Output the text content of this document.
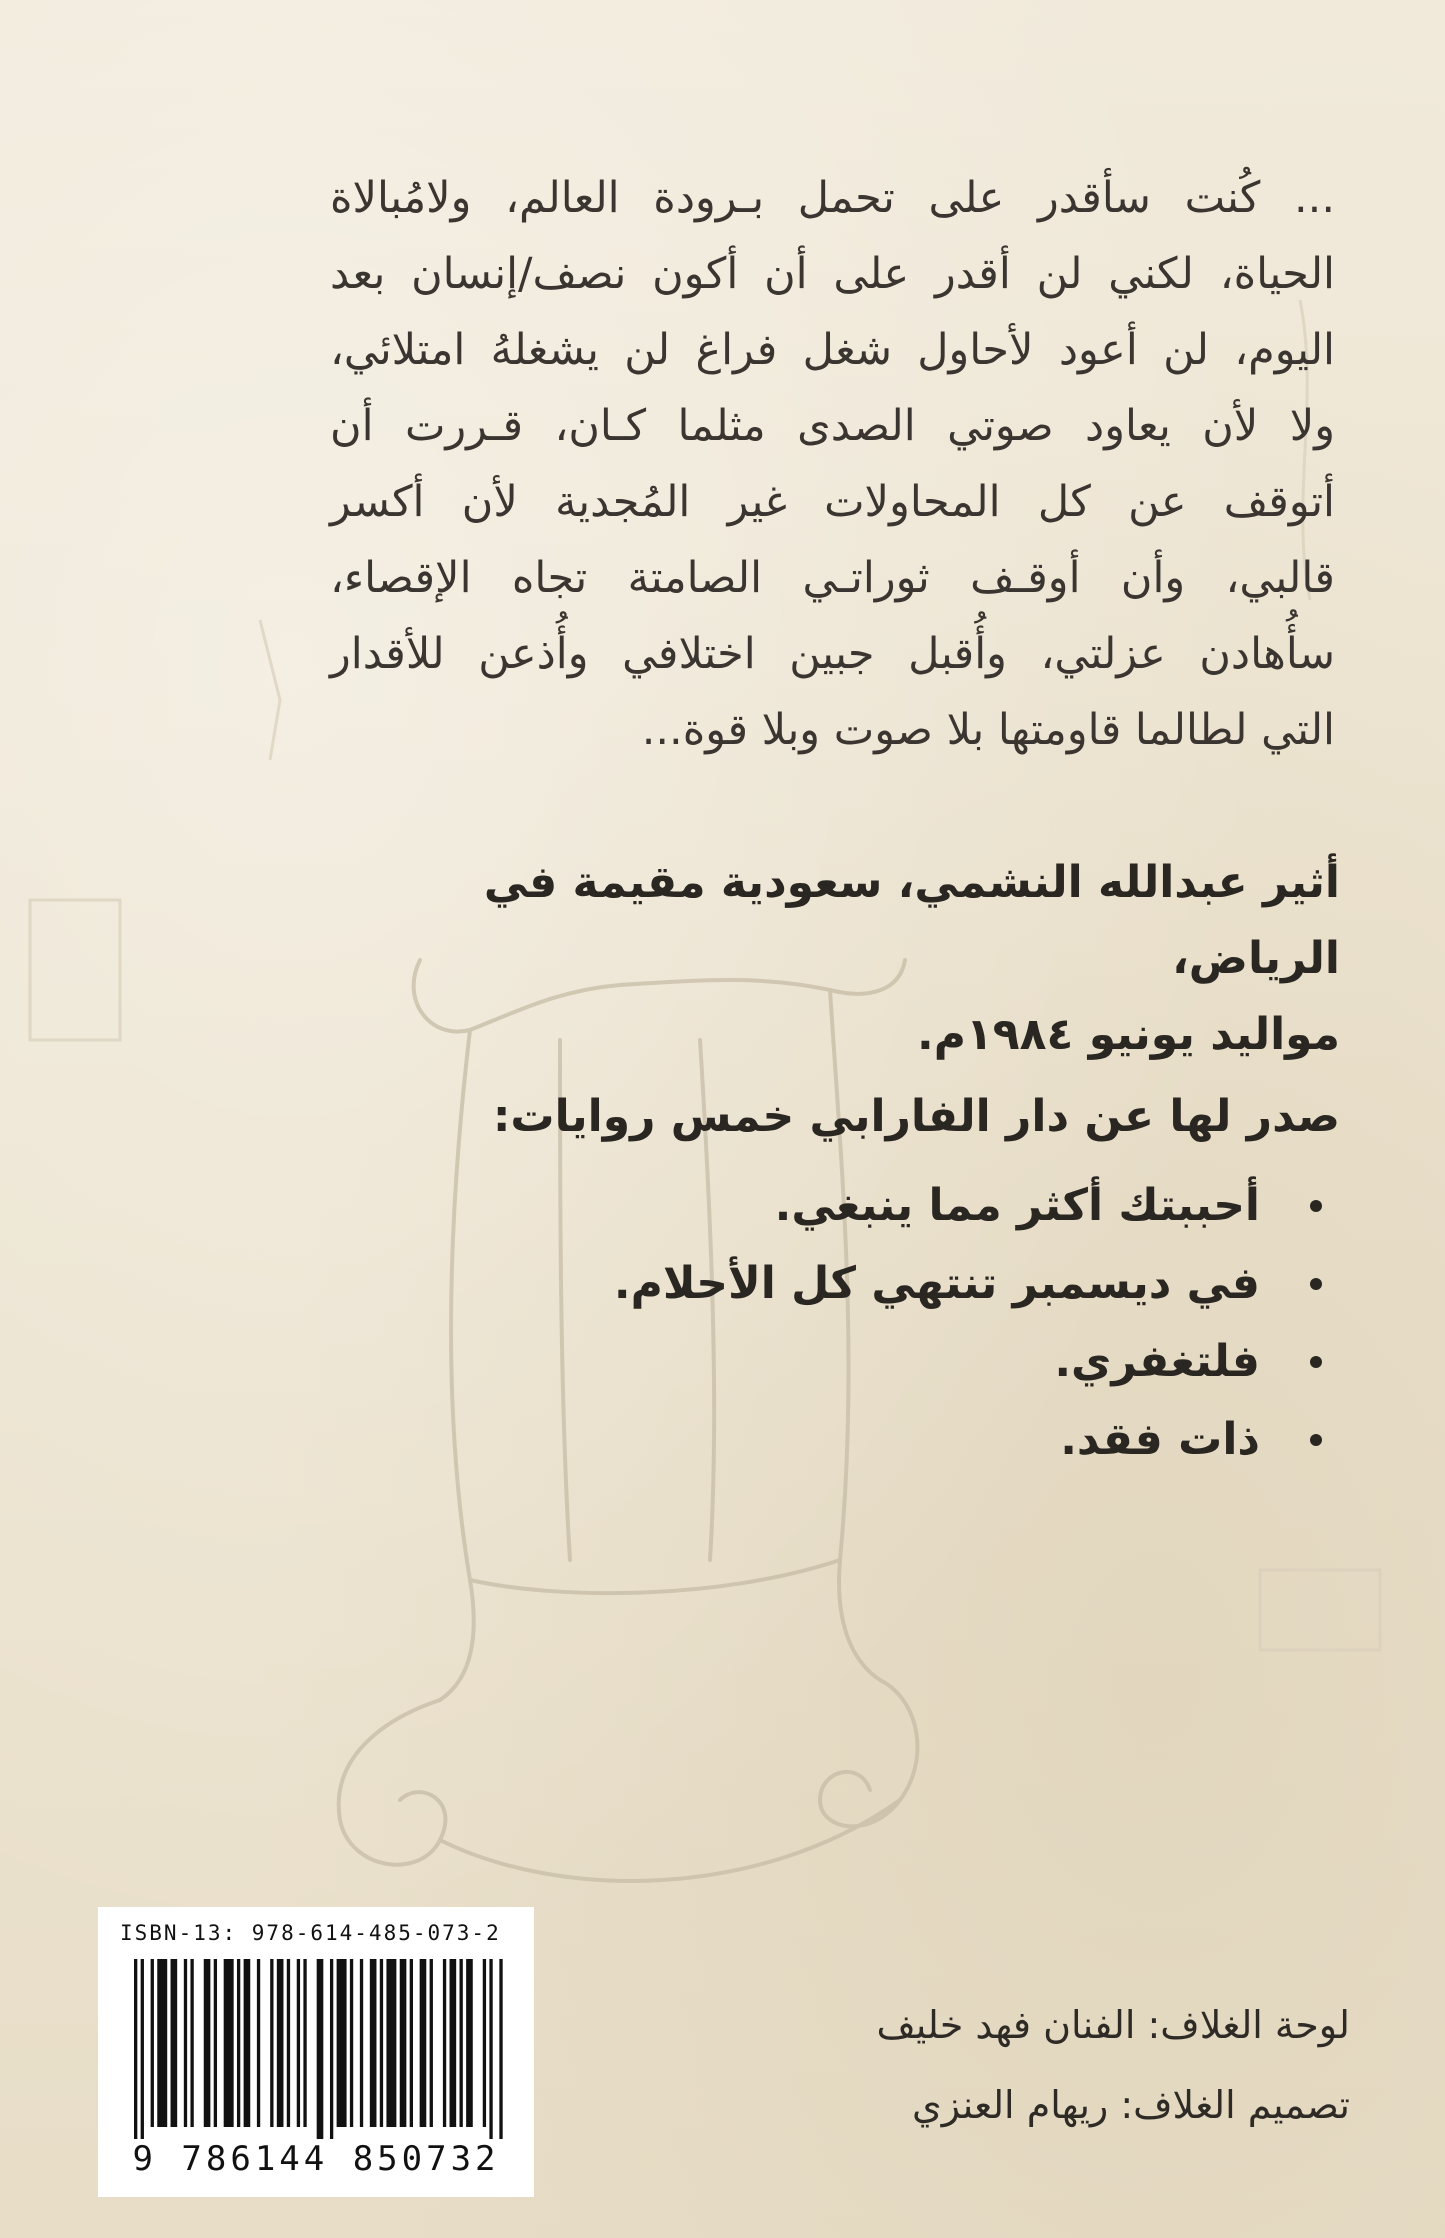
... كُنت سأقدر على تحمل بـرودة العالم، ولامُبالاة

الحياة، لكني لن أقدر على أن أكون نصف/إنسان بعد

اليوم، لن أعود لأحاول شغل فراغ لن يشغلهُ امتلائي،

ولا لأن يعاود صوتي الصدى مثلما كـان، قـررت أن

أتوقف عن كل المحاولات غير المُجدية لأن أكسر

قالبي، وأن أوقـف ثوراتـي الصامتة تجاه الإقصاء،

سأُهادن عزلتي، وأُقبل جبين اختلافي وأُذعن للأقدار

التي لطالما قاومتها بلا صوت وبلا قوة...

أثير عبدالله النشمي، سعودية مقيمة في الرياض،

مواليد يونيو ١٩٨٤م.

صدر لها عن دار الفارابي خمس روايات:

أحببتك أكثر مما ينبغي.
في ديسمبر تنتهي كل الأحلام.
فلتغفري.
ذات فقد.

لوحة الغلاف: الفنان فهد خليف

تصميم الغلاف: ريهام العنزي

ISBN-13: 978-614-485-073-2
9 786144 850732
